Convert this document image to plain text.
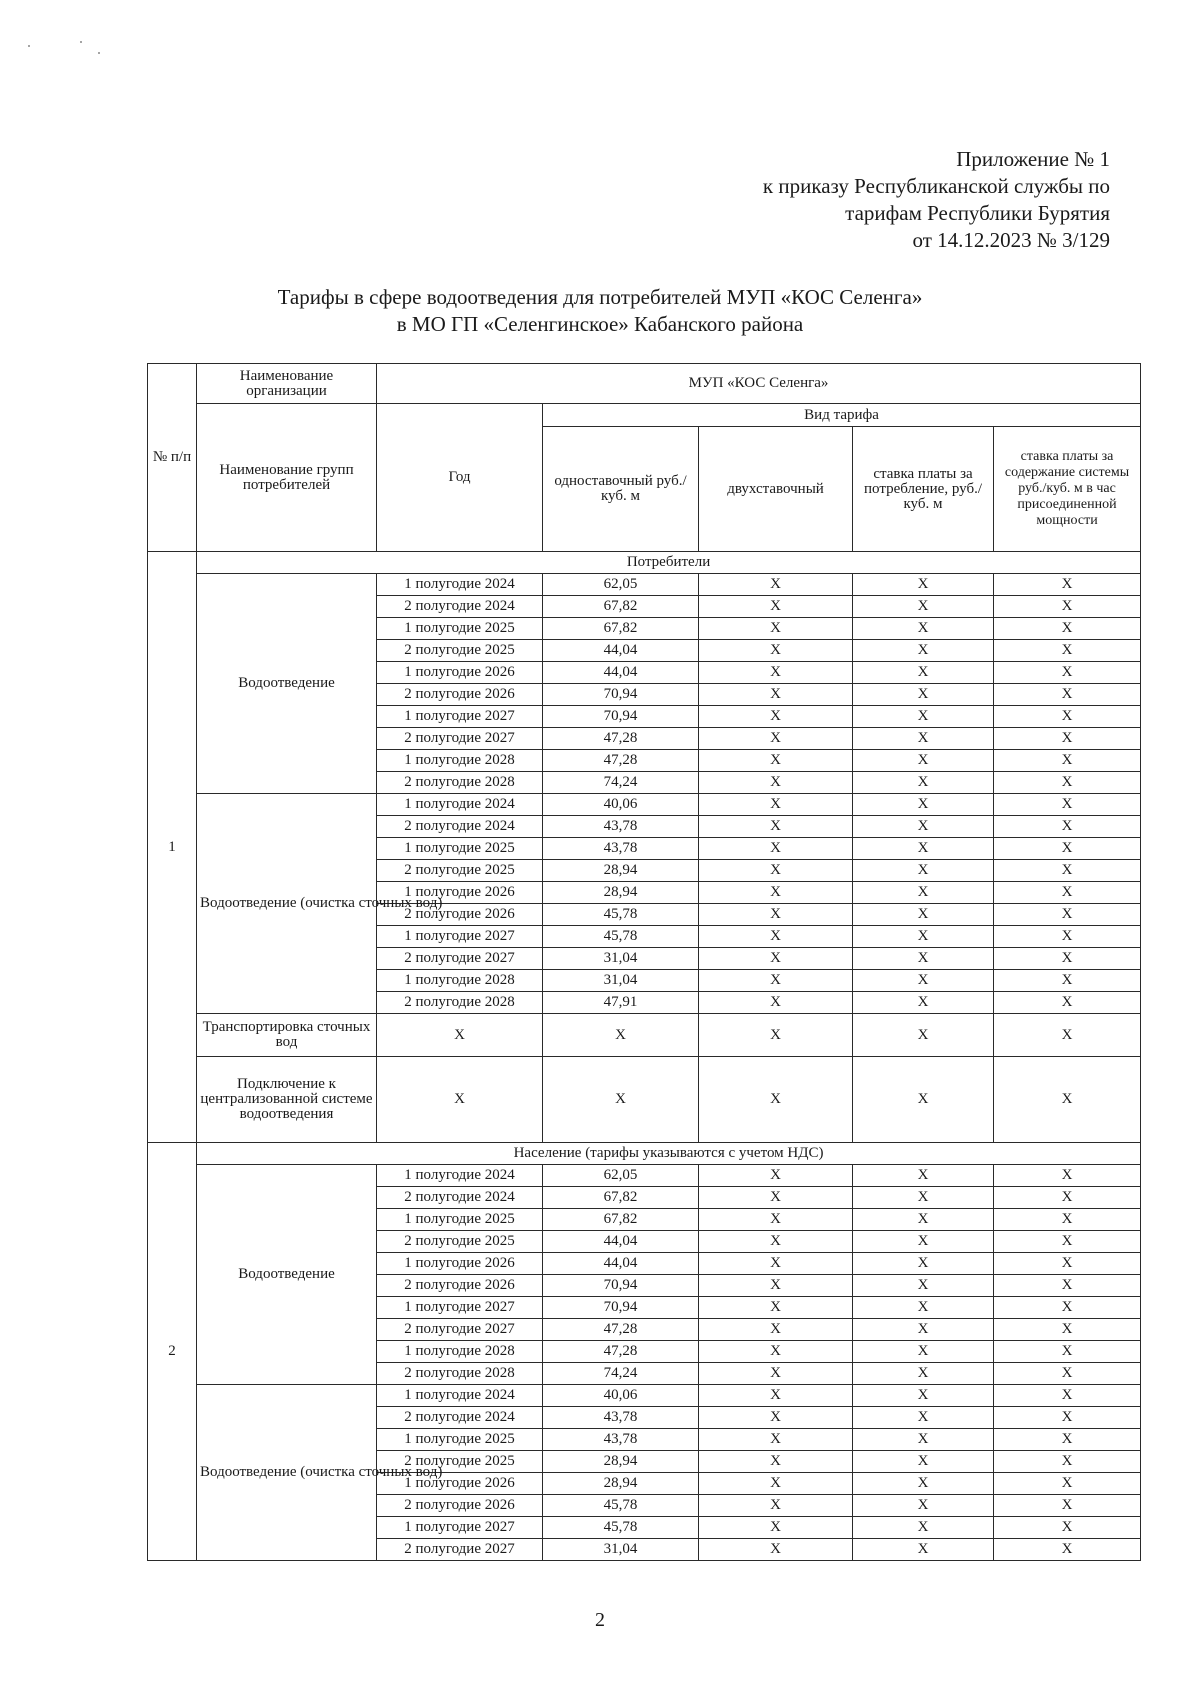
Приложение № 1
к приказу Республиканской службы по
тарифам Республики Бурятия
от 14.12.2023 № 3/129
Тарифы в сфере водоотведения для потребителей МУП «КОС Селенга»
в МО ГП «Селенгинское» Кабанского района
№ п/п	Наименование организации	МУП «КОС Селенга»				
	Наименование групп потребителей	Год	Вид тарифа			
			одноставочный руб./ куб. м	двухставочный	ставка платы за потребление, руб./ куб. м	ставка платы за содержание системы руб./куб. м в час присоединенной мощности
1	Потребители					
	Водоотведение	1 полугодие 2024	62,05	X	X	X
		2 полугодие 2024	67,82	X	X	X
		1 полугодие 2025	67,82	X	X	X
		2 полугодие 2025	44,04	X	X	X
		1 полугодие 2026	44,04	X	X	X
		2 полугодие 2026	70,94	X	X	X
		1 полугодие 2027	70,94	X	X	X
		2 полугодие 2027	47,28	X	X	X
		1 полугодие 2028	47,28	X	X	X
		2 полугодие 2028	74,24	X	X	X
	Водоотведение (очистка сточных вод)	1 полугодие 2024	40,06	X	X	X
		2 полугодие 2024	43,78	X	X	X
		1 полугодие 2025	43,78	X	X	X
		2 полугодие 2025	28,94	X	X	X
		1 полугодие 2026	28,94	X	X	X
		2 полугодие 2026	45,78	X	X	X
		1 полугодие 2027	45,78	X	X	X
		2 полугодие 2027	31,04	X	X	X
		1 полугодие 2028	31,04	X	X	X
		2 полугодие 2028	47,91	X	X	X
	Транспортировка сточных вод	X	X	X	X	X
	Подключение к централизованной системе водоотведения	X	X	X	X	X
2	Население (тарифы указываются с учетом НДС)					
	Водоотведение	1 полугодие 2024	62,05	X	X	X
		2 полугодие 2024	67,82	X	X	X
		1 полугодие 2025	67,82	X	X	X
		2 полугодие 2025	44,04	X	X	X
		1 полугодие 2026	44,04	X	X	X
		2 полугодие 2026	70,94	X	X	X
		1 полугодие 2027	70,94	X	X	X
		2 полугодие 2027	47,28	X	X	X
		1 полугодие 2028	47,28	X	X	X
		2 полугодие 2028	74,24	X	X	X
	Водоотведение (очистка сточных вод)	1 полугодие 2024	40,06	X	X	X
		2 полугодие 2024	43,78	X	X	X
		1 полугодие 2025	43,78	X	X	X
		2 полугодие 2025	28,94	X	X	X
		1 полугодие 2026	28,94	X	X	X
		2 полугодие 2026	45,78	X	X	X
		1 полугодие 2027	45,78	X	X	X
		2 полугодие 2027	31,04	X	X	X
2
